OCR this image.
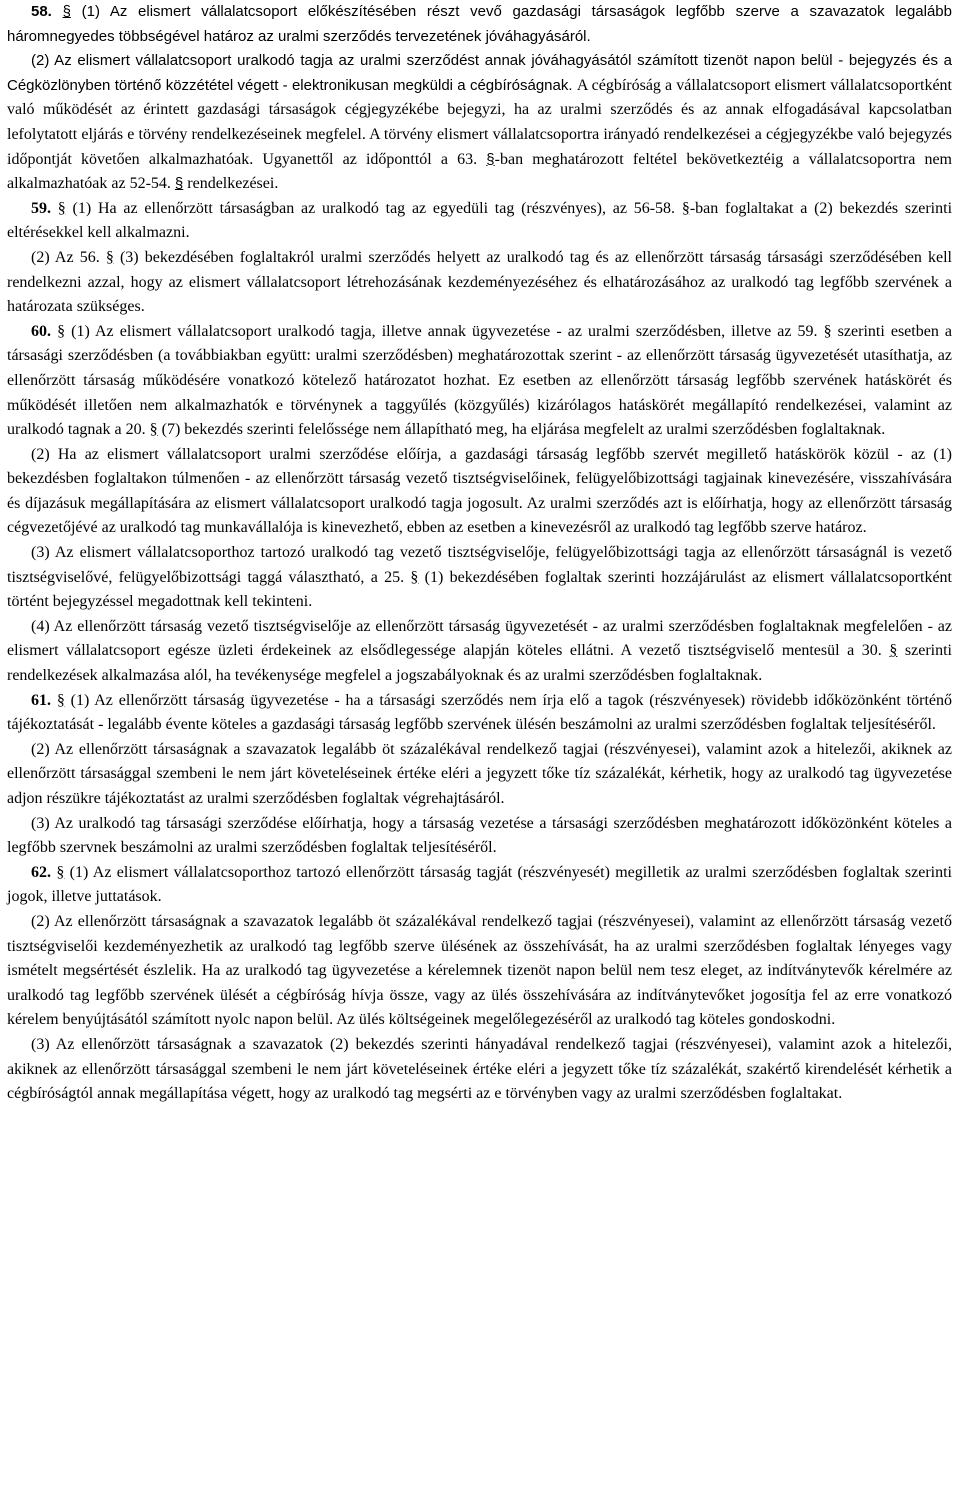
58. § (1) Az elismert vállalatcsoport előkészítésében részt vevő gazdasági társaságok legfőbb szerve a szavazatok legalább háromnegyedes többségével határoz az uralmi szerződés tervezetének jóváhagyásáról.

(2) Az elismert vállalatcsoport uralkodó tagja az uralmi szerződést annak jóváhagyásától számított tizenöt napon belül - bejegyzés és a Cégközlönyben történő közzététel végett - elektronikusan megküldi a cégbíróságnak. A cégbíróság a vállalatcsoport elismert vállalatcsoportként való működését az érintett gazdasági társaságok cégjegyzékébe bejegyzi, ha az uralmi szerződés és az annak elfogadásával kapcsolatban lefolytatott eljárás e törvény rendelkezéseinek megfelel. A törvény elismert vállalatcsoportra irányadó rendelkezései a cégjegyzékbe való bejegyzés időpontját követően alkalmazhatóak. Ugyanettől az időponttól a 63. §-ban meghatározott feltétel bekövetkeztéig a vállalatcsoportra nem alkalmazhatóak az 52-54. § rendelkezései.

59. § (1) Ha az ellenőrzött társaságban az uralkodó tag az egyedüli tag (részvényes), az 56-58. §-ban foglaltakat a (2) bekezdés szerinti eltérésekkel kell alkalmazni.

(2) Az 56. § (3) bekezdésében foglaltakról uralmi szerződés helyett az uralkodó tag és az ellenőrzött társaság társasági szerződésében kell rendelkezni azzal, hogy az elismert vállalatcsoport létrehozásának kezdeményezéséhez és elhatározásához az uralkodó tag legfőbb szervének a határozata szükséges.

60. § (1) Az elismert vállalatcsoport uralkodó tagja, illetve annak ügyvezetése - az uralmi szerződésben, illetve az 59. § szerinti esetben a társasági szerződésben (a továbbiakban együtt: uralmi szerződésben) meghatározottak szerint - az ellenőrzött társaság ügyvezetését utasíthatja, az ellenőrzött társaság működésére vonatkozó kötelező határozatot hozhat. Ez esetben az ellenőrzött társaság legfőbb szervének hatáskörét és működését illetően nem alkalmazhatók e törvénynek a taggyűlés (közgyűlés) kizárólagos hatáskörét megállapító rendelkezései, valamint az uralkodó tagnak a 20. § (7) bekezdés szerinti felelőssége nem állapítható meg, ha eljárása megfelelt az uralmi szerződésben foglaltaknak.

(2) Ha az elismert vállalatcsoport uralmi szerződése előírja, a gazdasági társaság legfőbb szervét megillető hatáskörök közül - az (1) bekezdésben foglaltakon túlmenően - az ellenőrzött társaság vezető tisztségviselőinek, felügyelőbizottsági tagjainak kinevezésére, visszahívására és díjazásuk megállapítására az elismert vállalatcsoport uralkodó tagja jogosult. Az uralmi szerződés azt is előírhatja, hogy az ellenőrzött társaság cégvezetőjévé az uralkodó tag munkavállalója is kinevezhető, ebben az esetben a kinevezésről az uralkodó tag legfőbb szerve határoz.

(3) Az elismert vállalatcsoporthoz tartozó uralkodó tag vezető tisztségviselője, felügyelőbizottsági tagja az ellenőrzött társaságnál is vezető tisztségviselővé, felügyelőbizottsági taggá választható, a 25. § (1) bekezdésében foglaltak szerinti hozzájárulást az elismert vállalatcsoportként történt bejegyzéssel megadottnak kell tekinteni.

(4) Az ellenőrzött társaság vezető tisztségviselője az ellenőrzött társaság ügyvezetését - az uralmi szerződésben foglaltaknak megfelelően - az elismert vállalatcsoport egésze üzleti érdekeinek az elsődlegessége alapján köteles ellátni. A vezető tisztségviselő mentesül a 30. § szerinti rendelkezések alkalmazása alól, ha tevékenysége megfelel a jogszabályoknak és az uralmi szerződésben foglaltaknak.

61. § (1) Az ellenőrzött társaság ügyvezetése - ha a társasági szerződés nem írja elő a tagok (részvényesek) rövidebb időközönként történő tájékoztatását - legalább évente köteles a gazdasági társaság legfőbb szervének ülésén beszámolni az uralmi szerződésben foglaltak teljesítéséről.

(2) Az ellenőrzött társaságnak a szavazatok legalább öt százalékával rendelkező tagjai (részvényesei), valamint azok a hitelezői, akiknek az ellenőrzött társasággal szembeni le nem járt követeléseinek értéke eléri a jegyzett tőke tíz százalékát, kérhetik, hogy az uralkodó tag ügyvezetése adjon részükre tájékoztatást az uralmi szerződésben foglaltak végrehajtásáról.

(3) Az uralkodó tag társasági szerződése előírhatja, hogy a társaság vezetése a társasági szerződésben meghatározott időközönként köteles a legfőbb szervnek beszámolni az uralmi szerződésben foglaltak teljesítéséről.

62. § (1) Az elismert vállalatcsoporthoz tartozó ellenőrzött társaság tagját (részvényesét) megilletik az uralmi szerződésben foglaltak szerinti jogok, illetve juttatások.

(2) Az ellenőrzött társaságnak a szavazatok legalább öt százalékával rendelkező tagjai (részvényesei), valamint az ellenőrzött társaság vezető tisztségviselői kezdeményezhetik az uralkodó tag legfőbb szerve ülésének az összehívását, ha az uralmi szerződésben foglaltak lényeges vagy ismételt megsértését észlelik. Ha az uralkodó tag ügyvezetése a kérelemnek tizenöt napon belül nem tesz eleget, az indítványtevők kérelmére az uralkodó tag legfőbb szervének ülését a cégbíróság hívja össze, vagy az ülés összehívására az indítványtevőket jogosítja fel az erre vonatkozó kérelem benyújtásától számított nyolc napon belül. Az ülés költségeinek megelőlegezéséről az uralkodó tag köteles gondoskodni.

(3) Az ellenőrzött társaságnak a szavazatok (2) bekezdés szerinti hányadával rendelkező tagjai (részvényesei), valamint azok a hitelezői, akiknek az ellenőrzött társasággal szembeni le nem járt követeléseinek értéke eléri a jegyzett tőke tíz százalékát, szakértő kirendelését kérhetik a cégbíróságtól annak megállapítása végett, hogy az uralkodó tag megsérti az e törvényben vagy az uralmi szerződésben foglaltakat.
